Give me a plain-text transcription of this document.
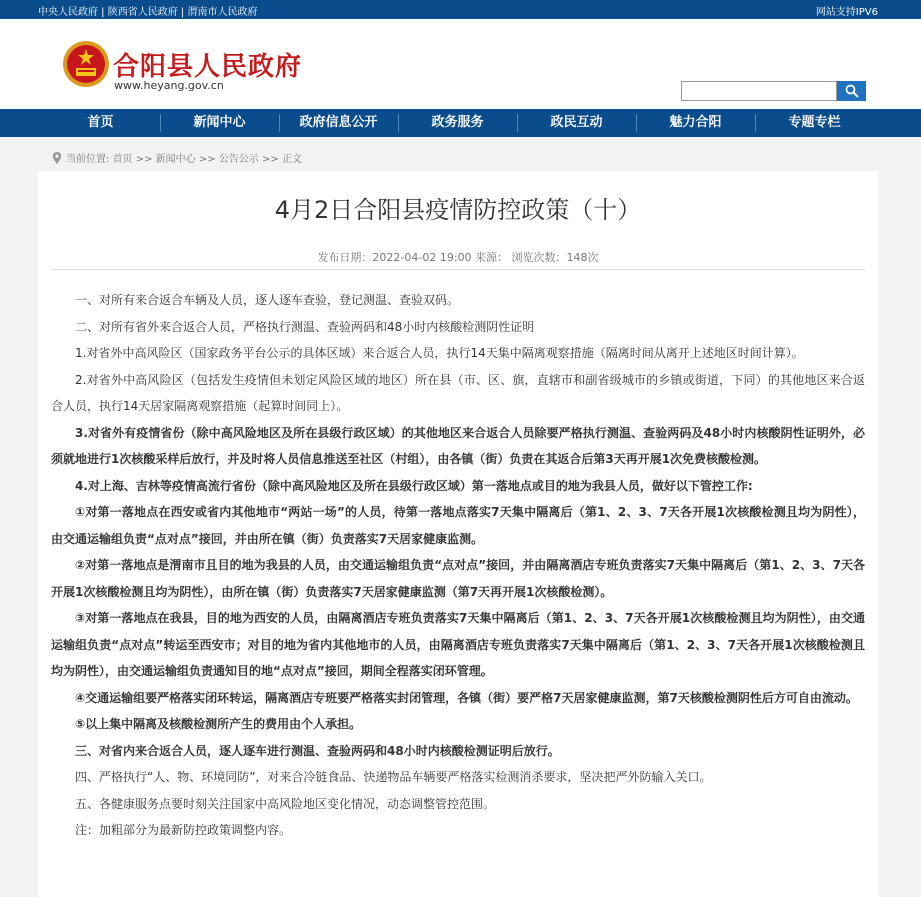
中央人民政府 | 陕西省人民政府 | 渭南市人民政府	网站支持IPV6
合阳县人民政府
www.heyang.gov.cn
首页	新闻中心	政府信息公开	政务服务	政民互动	魅力合阳	专题专栏
当前位置: 首页 >> 新闻中心 >> 公告公示 >> 正文
4月2日合阳县疫情防控政策（十）
发布日期：2022-04-02 19:00 来源： 浏览次数：148次

一、对所有来合返合车辆及人员，逐人逐车查验，登记测温、查验双码。

二、对所有省外来合返合人员，严格执行测温、查验两码和48小时内核酸检测阴性证明

1.对省外中高风险区（国家政务平台公示的具体区域）来合返合人员，执行14天集中隔离观察措施（隔离时间从离开上述地区时间计算）。

2.对省外中高风险区（包括发生疫情但未划定风险区域的地区）所在县（市、区、旗，直辖市和副省级城市的乡镇或街道，下同）的其他地区来合返合人员，执行14天居家隔离观察措施（起算时间同上）。

3.对省外有疫情省份（除中高风险地区及所在县级行政区域）的其他地区来合返合人员除要严格执行测温、查验两码及48小时内核酸阴性证明外，必须就地进行1次核酸采样后放行，并及时将人员信息推送至社区（村组），由各镇（街）负责在其返合后第3天再开展1次免费核酸检测。

4.对上海、吉林等疫情高流行省份（除中高风险地区及所在县级行政区域）第一落地点或目的地为我县人员，做好以下管控工作:

①对第一落地点在西安或省内其他地市“两站一场”的人员，待第一落地点落实7天集中隔离后（第1、2、3、7天各开展1次核酸检测且均为阴性），由交通运输组负责“点对点”接回，并由所在镇（街）负责落实7天居家健康监测。

②对第一落地点是渭南市且目的地为我县的人员，由交通运输组负责“点对点”接回，并由隔离酒店专班负责落实7天集中隔离后（第1、2、3、7天各开展1次核酸检测且均为阴性），由所在镇（街）负责落实7天居家健康监测（第7天再开展1次核酸检测）。

③对第一落地点在我县，目的地为西安的人员，由隔离酒店专班负责落实7天集中隔离后（第1、2、3、7天各开展1次核酸检测且均为阴性），由交通运输组负责“点对点”转运至西安市；对目的地为省内其他地市的人员，由隔离酒店专班负责落实7天集中隔离后（第1、2、3、7天各开展1次核酸检测且均为阴性），由交通运输组负责通知目的地“点对点”接回，期间全程落实闭环管理。

④交通运输组要严格落实闭环转运，隔离酒店专班要严格落实封闭管理，各镇（街）要严格7天居家健康监测，第7天核酸检测阴性后方可自由流动。

⑤以上集中隔离及核酸检测所产生的费用由个人承担。

三、对省内来合返合人员，逐人逐车进行测温、查验两码和48小时内核酸检测证明后放行。

四、严格执行“人、物、环境同防”，对来合冷链食品、快递物品车辆要严格落实检测消杀要求，坚决把严外防输入关口。

五、各健康服务点要时刻关注国家中高风险地区变化情况，动态调整管控范围。

注：加粗部分为最新防控政策调整内容。
